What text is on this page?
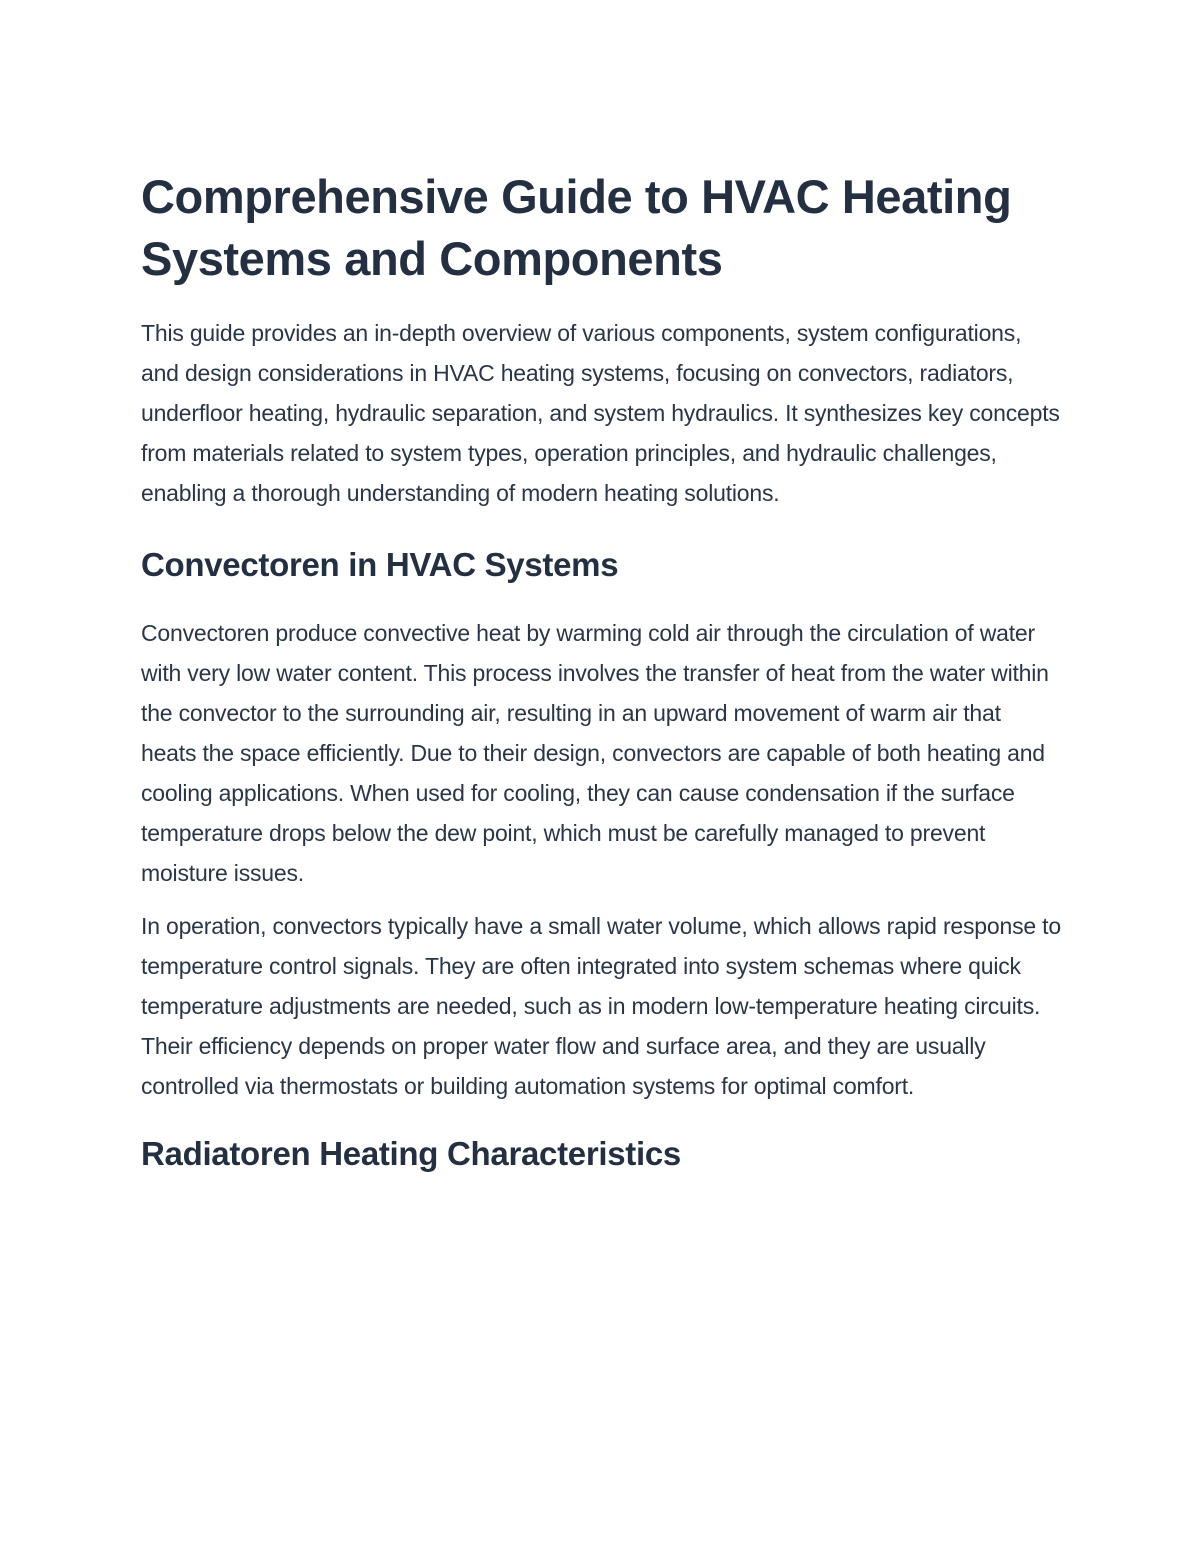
Comprehensive Guide to HVAC Heating Systems and Components

This guide provides an in-depth overview of various components, system configurations, and design considerations in HVAC heating systems, focusing on convectors, radiators, underfloor heating, hydraulic separation, and system hydraulics. It synthesizes key concepts from materials related to system types, operation principles, and hydraulic challenges, enabling a thorough understanding of modern heating solutions.

Convectoren in HVAC Systems

Convectoren produce convective heat by warming cold air through the circulation of water with very low water content. This process involves the transfer of heat from the water within the convector to the surrounding air, resulting in an upward movement of warm air that heats the space efficiently. Due to their design, convectors are capable of both heating and cooling applications. When used for cooling, they can cause condensation if the surface temperature drops below the dew point, which must be carefully managed to prevent moisture issues.

In operation, convectors typically have a small water volume, which allows rapid response to temperature control signals. They are often integrated into system schemas where quick temperature adjustments are needed, such as in modern low-temperature heating circuits. Their efficiency depends on proper water flow and surface area, and they are usually controlled via thermostats or building automation systems for optimal comfort.

Radiatoren Heating Characteristics
